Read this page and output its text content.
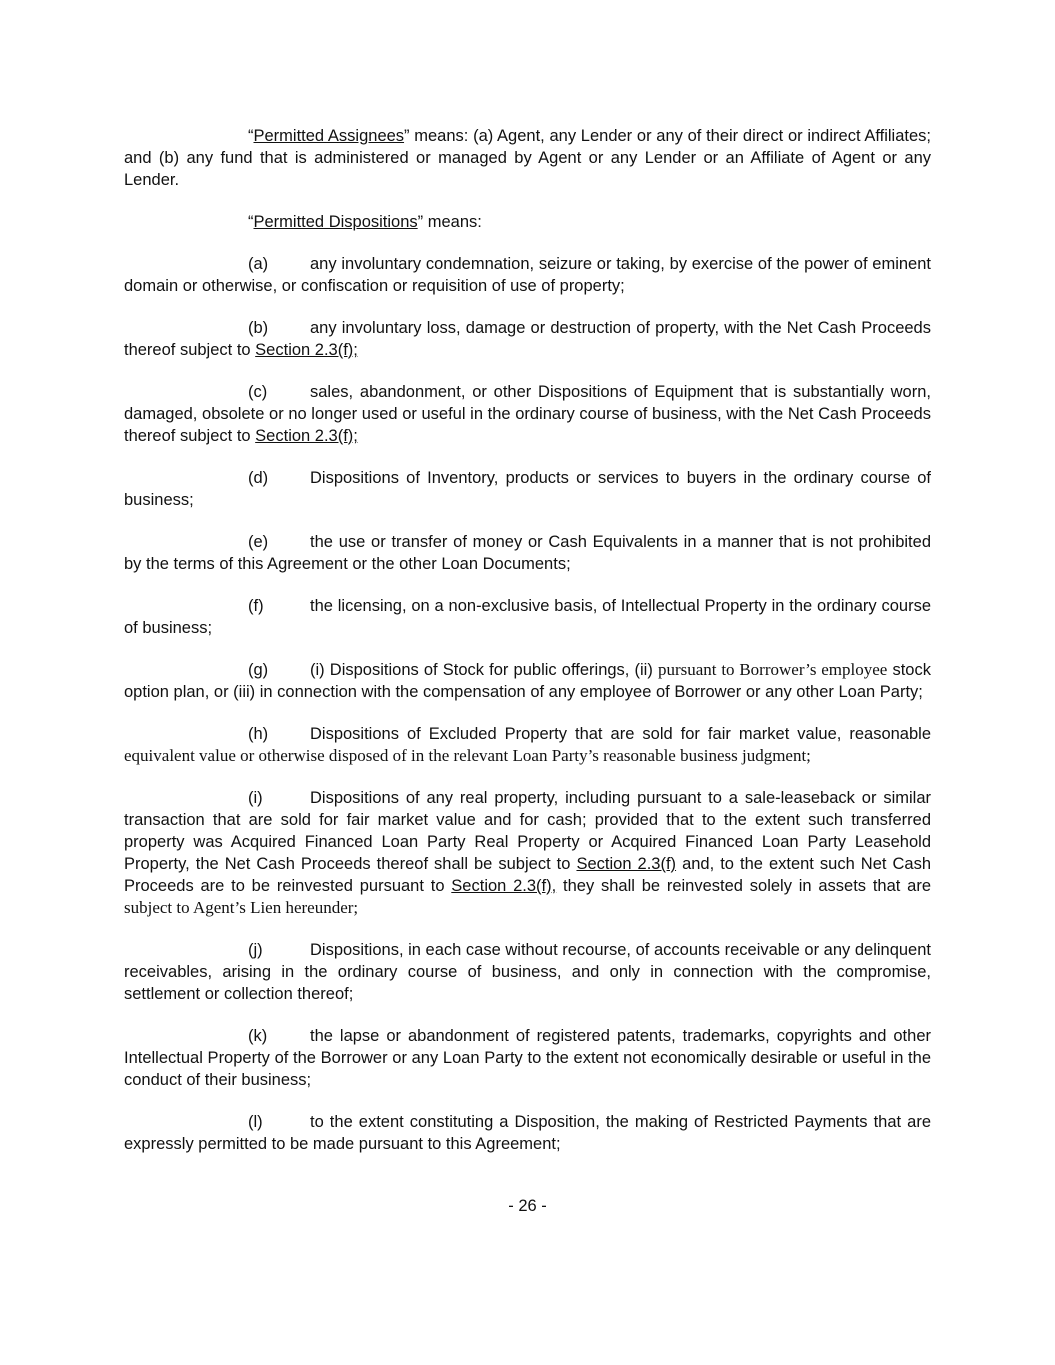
“Permitted Assignees” means: (a) Agent, any Lender or any of their direct or indirect Affiliates; and (b) any fund that is administered or managed by Agent or any Lender or an Affiliate of Agent or any Lender.

“Permitted Dispositions” means:

(a)	any involuntary condemnation, seizure or taking, by exercise of the power of eminent domain or otherwise, or confiscation or requisition of use of property;

(b)	any involuntary loss, damage or destruction of property, with the Net Cash Proceeds thereof subject to Section 2.3(f);

(c)	sales, abandonment, or other Dispositions of Equipment that is substantially worn, damaged, obsolete or no longer used or useful in the ordinary course of business, with the Net Cash Proceeds thereof subject to Section 2.3(f);

(d)	Dispositions of Inventory, products or services to buyers in the ordinary course of business;

(e)	the use or transfer of money or Cash Equivalents in a manner that is not prohibited by the terms of this Agreement or the other Loan Documents;

(f)	the licensing, on a non-exclusive basis, of Intellectual Property in the ordinary course of business;

(g)	(i) Dispositions of Stock for public offerings, (ii) pursuant to Borrower’s employee stock option plan, or (iii) in connection with the compensation of any employee of Borrower or any other Loan Party;

(h)	Dispositions of Excluded Property that are sold for fair market value, reasonable equivalent value or otherwise disposed of in the relevant Loan Party’s reasonable business judgment;

(i)	Dispositions of any real property, including pursuant to a sale-leaseback or similar transaction that are sold for fair market value and for cash; provided that to the extent such transferred property was Acquired Financed Loan Party Real Property or Acquired Financed Loan Party Leasehold Property, the Net Cash Proceeds thereof shall be subject to Section 2.3(f) and, to the extent such Net Cash Proceeds are to be reinvested pursuant to Section 2.3(f), they shall be reinvested solely in assets that are subject to Agent’s Lien hereunder;

(j)	Dispositions, in each case without recourse, of accounts receivable or any delinquent receivables, arising in the ordinary course of business, and only in connection with the compromise, settlement or collection thereof;

(k)	the lapse or abandonment of registered patents, trademarks, copyrights and other Intellectual Property of the Borrower or any Loan Party to the extent not economically desirable or useful in the conduct of their business;

(l)	to the extent constituting a Disposition, the making of Restricted Payments that are expressly permitted to be made pursuant to this Agreement;

- 26 -
